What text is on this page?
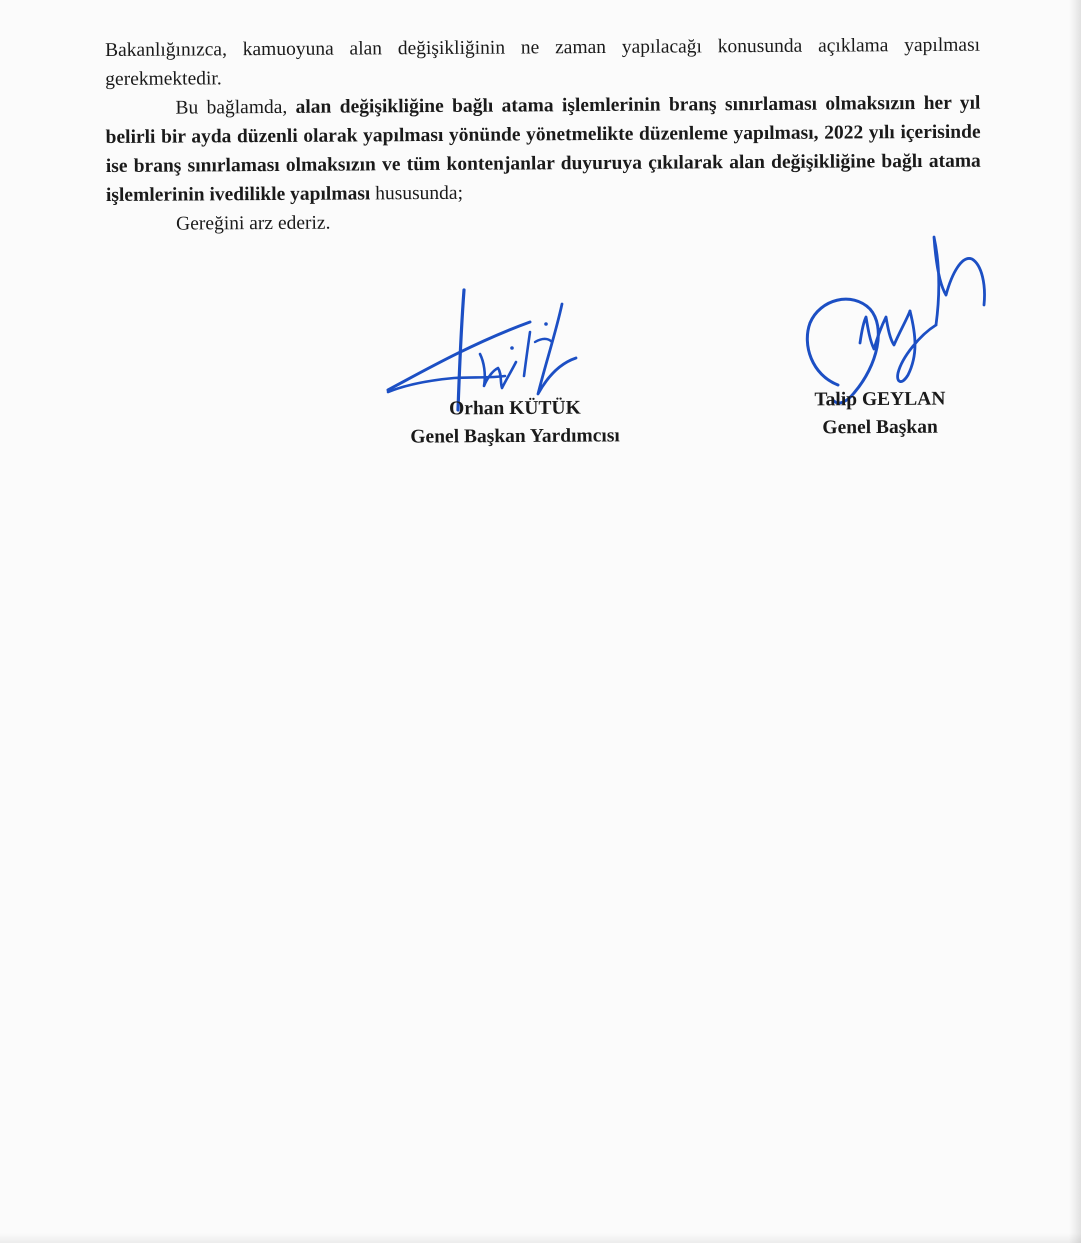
Bakanlığınızca, kamuoyuna alan değişikliğinin ne zaman yapılacağı konusunda açıklama yapılması gerekmektedir.

Bu bağlamda, alan değişikliğine bağlı atama işlemlerinin branş sınırlaması olmaksızın her yıl belirli bir ayda düzenli olarak yapılması yönünde yönetmelikte düzenleme yapılması, 2022 yılı içerisinde ise branş sınırlaması olmaksızın ve tüm kontenjanlar duyuruya çıkılarak alan değişikliğine bağlı atama işlemlerinin ivedilikle yapılması hususunda;

Gereğini arz ederiz.

Orhan KÜTÜK
Genel Başkan Yardımcısı
Talip GEYLAN
Genel Başkan
